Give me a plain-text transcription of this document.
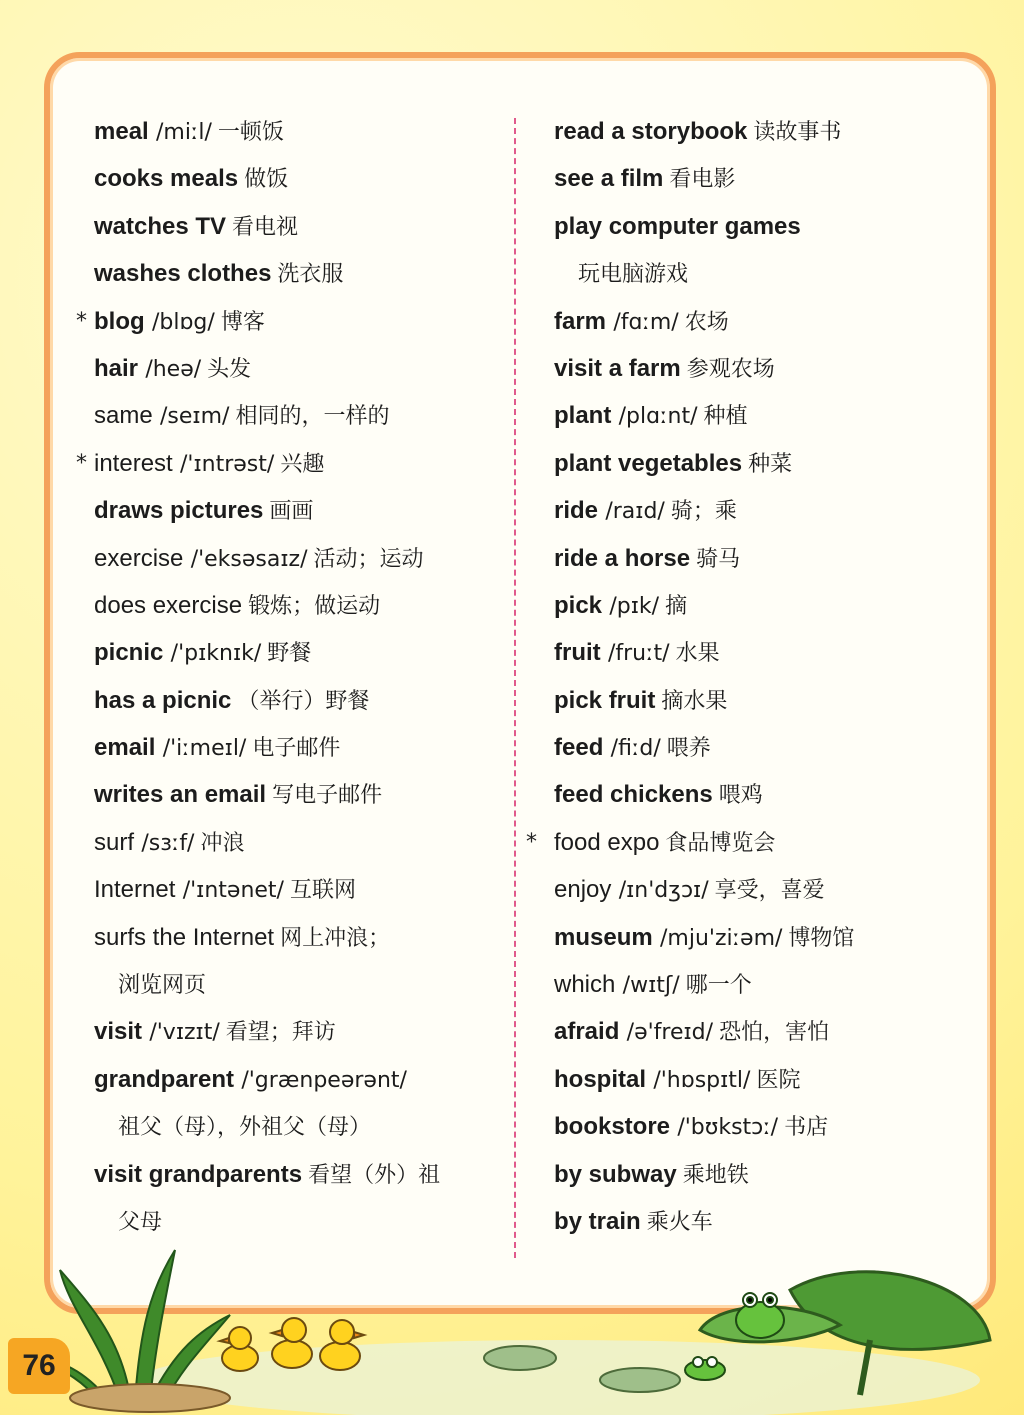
meal /miːl/ 一顿饭
cooks meals 做饭
watches TV 看电视
washes clothes 洗衣服
* blog /blɒg/ 博客
hair /heə/ 头发
same /seɪm/ 相同的，一样的
* interest /'ɪntrəst/ 兴趣
draws pictures 画画
exercise /'eksəsaɪz/ 活动；运动
does exercise 锻炼；做运动
picnic /'pɪknɪk/ 野餐
has a picnic （举行）野餐
email /'iːmeɪl/ 电子邮件
writes an email 写电子邮件
surf /sɜːf/ 冲浪
Internet /'ɪntənet/ 互联网
surfs the Internet 网上冲浪；
浏览网页
visit /'vɪzɪt/ 看望；拜访
grandparent /'grænpeərənt/
祖父（母），外祖父（母）
visit grandparents 看望（外）祖
父母
read a storybook 读故事书
see a film 看电影
play computer games
玩电脑游戏
farm /fɑːm/ 农场
visit a farm 参观农场
plant /plɑːnt/ 种植
plant vegetables 种菜
ride /raɪd/ 骑；乘
ride a horse 骑马
pick /pɪk/ 摘
fruit /fruːt/ 水果
pick fruit 摘水果
feed /fiːd/ 喂养
feed chickens 喂鸡
* food expo 食品博览会
enjoy /ɪn'dʒɔɪ/ 享受，喜爱
museum /mju'ziːəm/ 博物馆
which /wɪtʃ/ 哪一个
afraid /ə'freɪd/ 恐怕，害怕
hospital /'hɒspɪtl/ 医院
bookstore /'bʊkstɔː/ 书店
by subway 乘地铁
by train 乘火车
76
